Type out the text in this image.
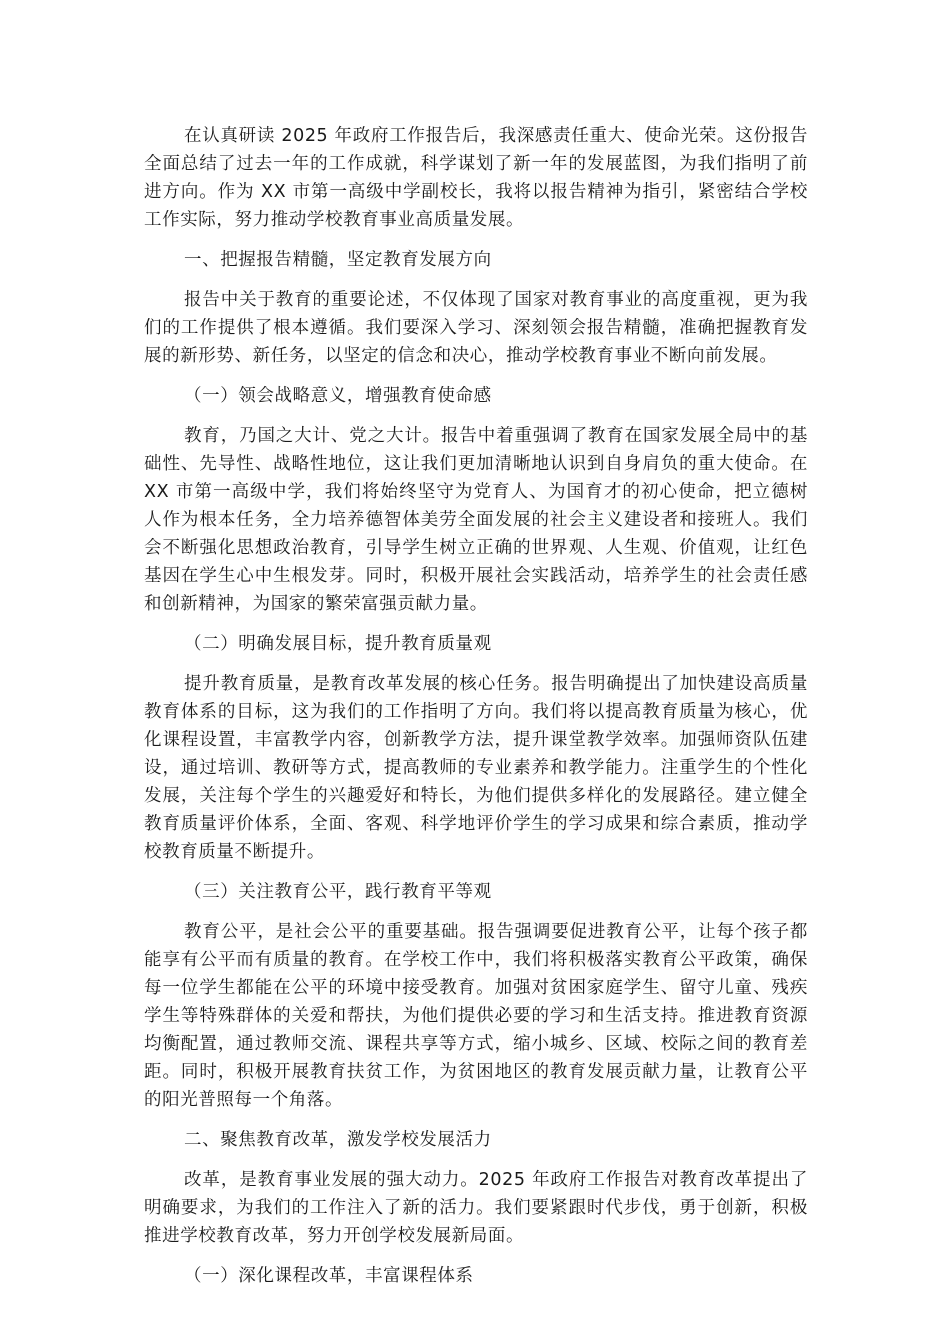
在认真研读 2025 年政府工作报告后，我深感责任重大、使命光荣。这份报告全面总结了过去一年的工作成就，科学谋划了新一年的发展蓝图，为我们指明了前进方向。作为 XX 市第一高级中学副校长，我将以报告精神为指引，紧密结合学校工作实际，努力推动学校教育事业高质量发展。

一、把握报告精髓，坚定教育发展方向

报告中关于教育的重要论述，不仅体现了国家对教育事业的高度重视，更为我们的工作提供了根本遵循。我们要深入学习、深刻领会报告精髓，准确把握教育发展的新形势、新任务，以坚定的信念和决心，推动学校教育事业不断向前发展。

（一）领会战略意义，增强教育使命感

教育，乃国之大计、党之大计。报告中着重强调了教育在国家发展全局中的基础性、先导性、战略性地位，这让我们更加清晰地认识到自身肩负的重大使命。在 XX 市第一高级中学，我们将始终坚守为党育人、为国育才的初心使命，把立德树人作为根本任务，全力培养德智体美劳全面发展的社会主义建设者和接班人。我们会不断强化思想政治教育，引导学生树立正确的世界观、人生观、价值观，让红色基因在学生心中生根发芽。同时，积极开展社会实践活动，培养学生的社会责任感和创新精神，为国家的繁荣富强贡献力量。

（二）明确发展目标，提升教育质量观

提升教育质量，是教育改革发展的核心任务。报告明确提出了加快建设高质量教育体系的目标，这为我们的工作指明了方向。我们将以提高教育质量为核心，优化课程设置，丰富教学内容，创新教学方法，提升课堂教学效率。加强师资队伍建设，通过培训、教研等方式，提高教师的专业素养和教学能力。注重学生的个性化发展，关注每个学生的兴趣爱好和特长，为他们提供多样化的发展路径。建立健全教育质量评价体系，全面、客观、科学地评价学生的学习成果和综合素质，推动学校教育质量不断提升。

（三）关注教育公平，践行教育平等观

教育公平，是社会公平的重要基础。报告强调要促进教育公平，让每个孩子都能享有公平而有质量的教育。在学校工作中，我们将积极落实教育公平政策，确保每一位学生都能在公平的环境中接受教育。加强对贫困家庭学生、留守儿童、残疾学生等特殊群体的关爱和帮扶，为他们提供必要的学习和生活支持。推进教育资源均衡配置，通过教师交流、课程共享等方式，缩小城乡、区域、校际之间的教育差距。同时，积极开展教育扶贫工作，为贫困地区的教育发展贡献力量，让教育公平的阳光普照每一个角落。

二、聚焦教育改革，激发学校发展活力

改革，是教育事业发展的强大动力。2025 年政府工作报告对教育改革提出了明确要求，为我们的工作注入了新的活力。我们要紧跟时代步伐，勇于创新，积极推进学校教育改革，努力开创学校发展新局面。

（一）深化课程改革，丰富课程体系
